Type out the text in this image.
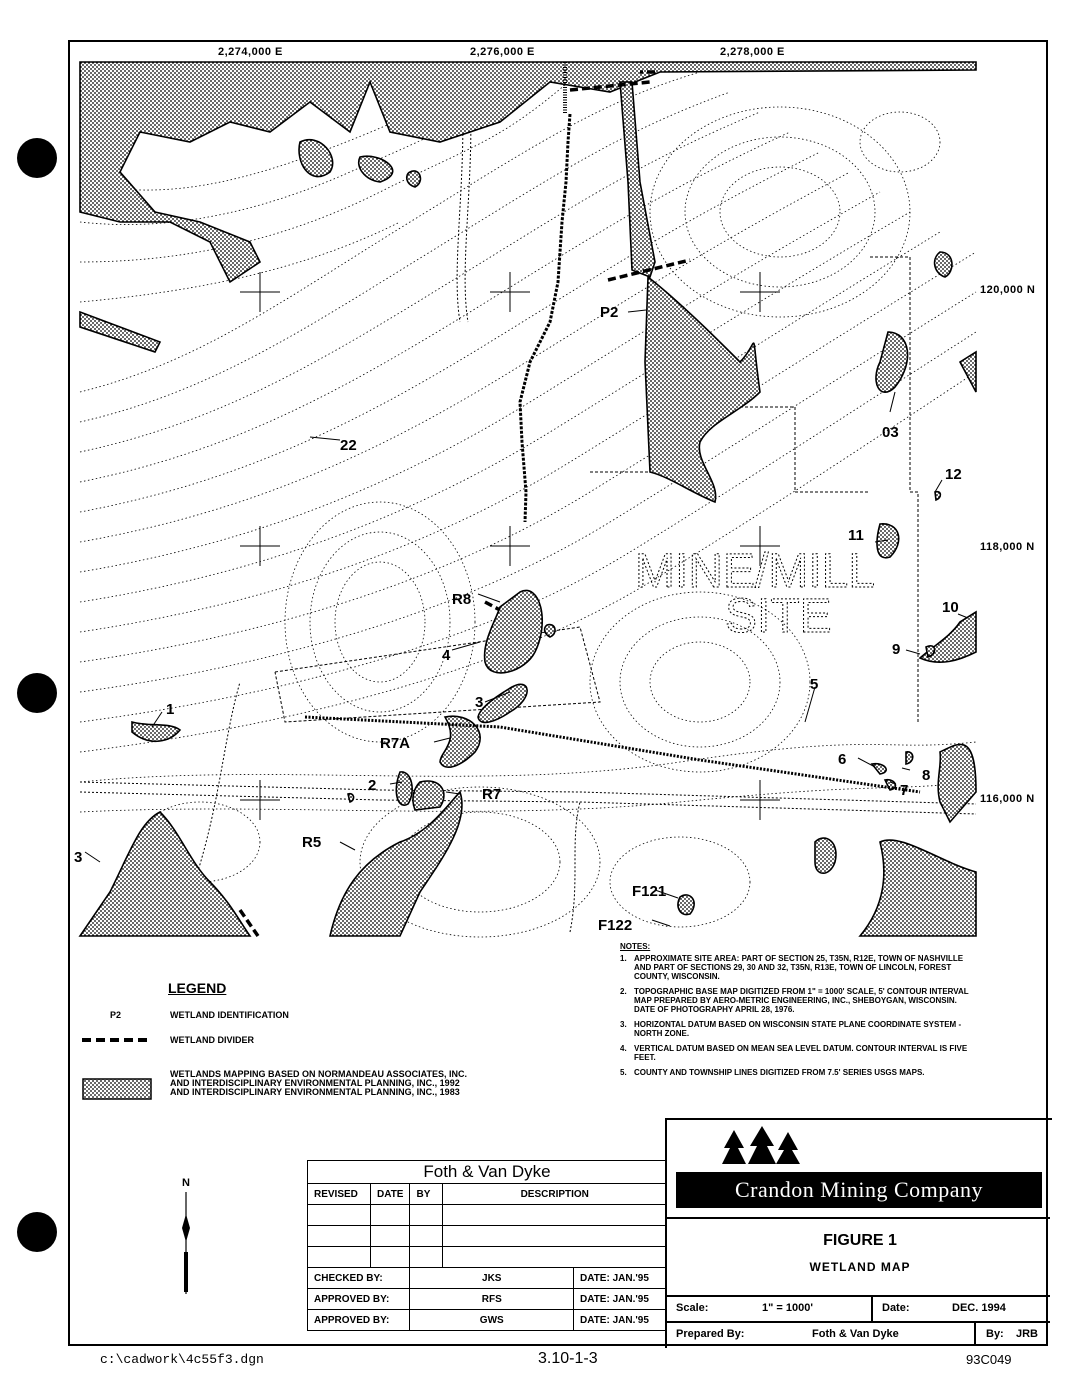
2,274,000 E	2,276,000 E	2,278,000 E
120,000 N
118,000 N
116,000 N
MINE/MILL
SITE
P2
22
03
12
11
R8
4
10
9
3
5
R7A
1
6
8
2
R7	7
R5
3
F121
F122
LEGEND
P2	WETLAND IDENTIFICATION
WETLAND DIVIDER
WETLANDS MAPPING BASED ON NORMANDEAU ASSOCIATES, INC. AND INTERDISCIPLINARY ENVIRONMENTAL PLANNING, INC., 1992 AND INTERDISCIPLINARY ENVIRONMENTAL PLANNING, INC., 1983
NOTES:
1. APPROXIMATE SITE AREA: PART OF SECTION 25, T35N, R12E, TOWN OF NASHVILLE AND PART OF SECTIONS 29, 30 AND 32, T35N, R13E, TOWN OF LINCOLN, FOREST COUNTY, WISCONSIN.
2. TOPOGRAPHIC BASE MAP DIGITIZED FROM 1" = 1000' SCALE, 5' CONTOUR INTERVAL MAP PREPARED BY AERO-METRIC ENGINEERING, INC., SHEBOYGAN, WISCONSIN. DATE OF PHOTOGRAPHY APRIL 28, 1976.
3. HORIZONTAL DATUM BASED ON WISCONSIN STATE PLANE COORDINATE SYSTEM - NORTH ZONE.
4. VERTICAL DATUM BASED ON MEAN SEA LEVEL DATUM. CONTOUR INTERVAL IS FIVE FEET.
5. COUNTY AND TOWNSHIP LINES DIGITIZED FROM 7.5' SERIES USGS MAPS.
N
Foth & Van Dyke				
REVISED	DATE	BY	DESCRIPTION	

CHECKED BY:		JKS		DATE: JAN.'95
APPROVED BY:		RFS		DATE: JAN.'95
APPROVED BY:		GWS		DATE: JAN.'95
Crandon Mining Company
FIGURE 1
WETLAND MAP
Scale:	1" = 1000'	Date:	DEC. 1994
Prepared By:	Foth & Van Dyke	By: JRB
c:\cadwork\4c55f3.dgn	3.10-1-3	93C049
